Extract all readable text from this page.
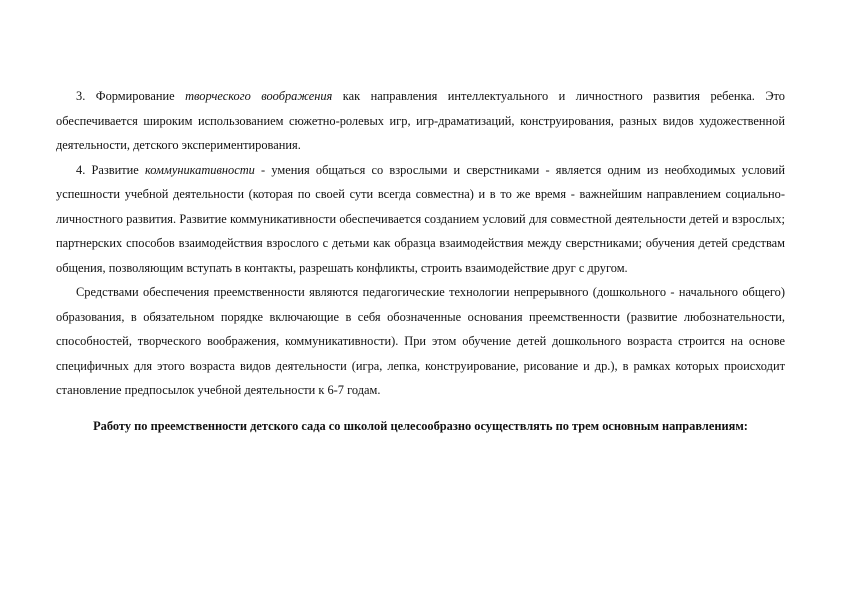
3. Формирование творческого воображения как направления интеллектуального и личностного развития ребенка. Это обеспечивается широким использованием сюжетно-ролевых игр, игр-драматизаций, конструирования, разных видов художественной деятельности, детского экспериментирования.

4. Развитие коммуникативности - умения общаться со взрослыми и сверстниками - является одним из необходимых условий успешности учебной деятельности (которая по своей сути всегда совместна) и в то же время - важнейшим направлением социально-личностного развития. Развитие коммуникативности обеспечивается созданием условий для совместной деятельности детей и взрослых; партнерских способов взаимодействия взрослого с детьми как образца взаимодействия между сверстниками; обучения детей средствам общения, позволяющим вступать в контакты, разрешать конфликты, строить взаимодействие друг с другом.

Средствами обеспечения преемственности являются педагогические технологии непрерывного (дошкольного - начального общего) образования, в обязательном порядке включающие в себя обозначенные основания преемственности (развитие любознательности, способностей, творческого воображения, коммуникативности). При этом обучение детей дошкольного возраста строится на основе специфичных для этого возраста видов деятельности (игра, лепка, конструирование, рисование и др.), в рамках которых происходит становление предпосылок учебной деятельности к 6-7 годам.

Работу по преемственности детского сада со школой целесообразно осуществлять по трем основным направлениям:
